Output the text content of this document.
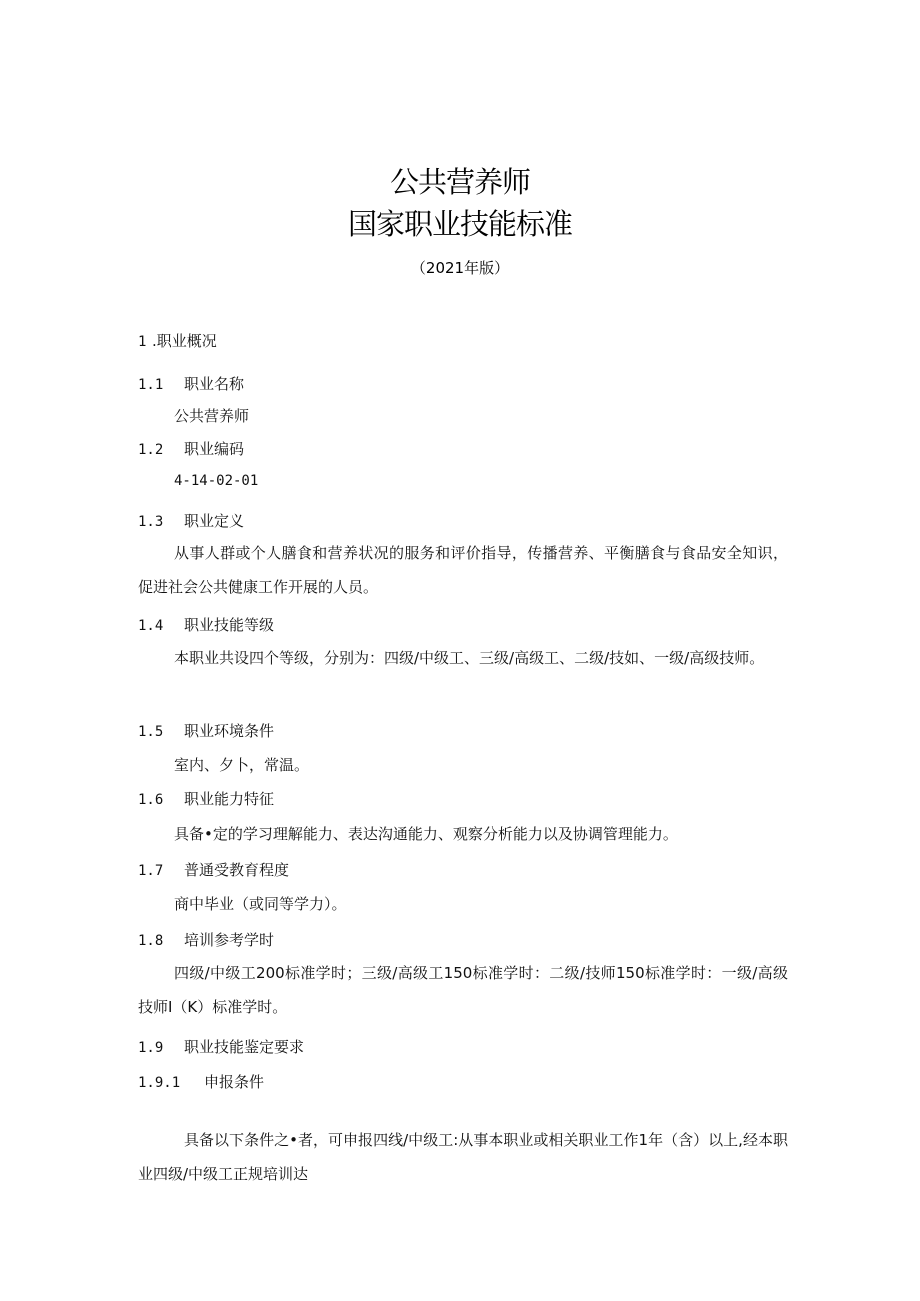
公共营养师
国家职业技能标准
（2021年版）
1 .职业概况
1.1 职业名称
公共营养师
1.2 职业编码
4-14-02-01
1.3 职业定义
从事人群或个人膳食和营养状况的服务和评价指导，传播营养、平衡膳食与食品安全知识，促进社会公共健康工作开展的人员。
1.4 职业技能等级
本职业共设四个等级，分别为：四级/中级工、三级/高级工、二级/技如、一级/高级技师。
1.5 职业环境条件
室内、夕卜，常温。
1.6 职业能力特征
具备•定的学习理解能力、表达沟通能力、观察分析能力以及协调管理能力。
1.7 普通受教育程度
商中毕业（或同等学力）。
1.8 培训参考学时
四级/中级工200标准学时；三级/高级工150标准学时：二级/技师150标准学时：一级/高级技师I（K）标准学时。
1.9 职业技能鉴定要求
1.9.1 申报条件
具备以下条件之•者，可申报四线/中级工:从事本职业或相关职业工作1年（含）以上,经本职业四级/中级工正规培训达
